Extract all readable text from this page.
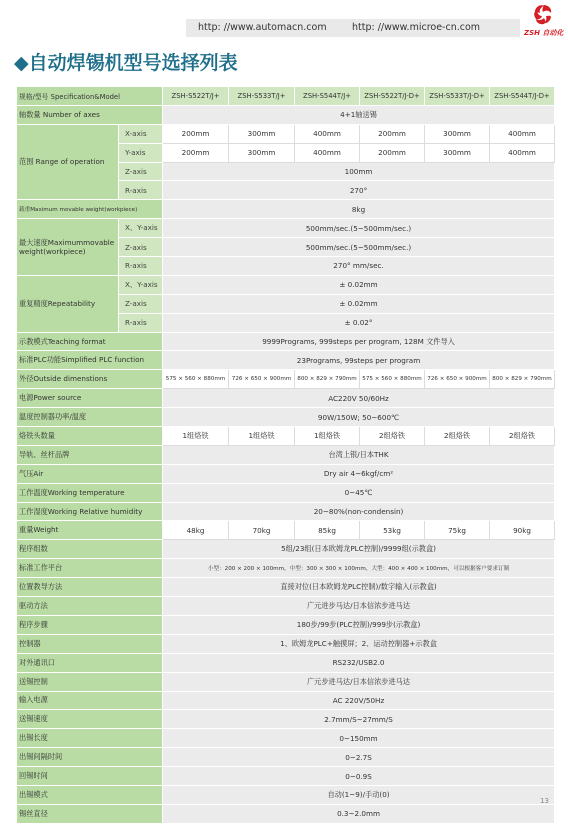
http: //www.automacn.com	http: //www.microe-cn.com	ZSH 自动化
◆自动焊锡机型号选择列表
规格/型号 Specification&Model		ZSH-S522T/J+	ZSH-S533T/J+	ZSH-S544T/J+	ZSH-S522T/J-D+	ZSH-S533T/J-D+	ZSH-S544T/J-D+
轴数量 Number of axes		4+1轴送锡					
范围 Range of operation	X-axis	200mm	300mm	400mm	200mm	300mm	400mm
	Y-axis	200mm	300mm	400mm	200mm	300mm	400mm
	Z-axis	100mm					
	R-axis	270°					
载重Maximum movable weight(workpiece)		8kg					
最大速度Maximummovable weight(workpiece)	X、Y-axis	500mm/sec.(5~500mm/sec.)					
	Z-axis	500mm/sec.(5~500mm/sec.)					
	R-axis	270° mm/sec.					
重复精度Repeatability	X、Y-axis	± 0.02mm					
	Z-axis	± 0.02mm					
	R-axis	± 0.02°					
示教模式Teaching format		9999Programs, 999steps per program, 128M 文件导入					
标准PLC功能Simplified PLC function		23Programs, 99steps per program					
外径Outside dimenstions		575 × 560 × 880mm	726 × 650 × 900mm	800 × 829 × 790mm	575 × 560 × 880mm	726 × 650 × 900mm	800 × 829 × 790mm
电源Power source		AC220V 50/60Hz					
温度控制器功率/温度		90W/150W; 50~600℃					
烙铁头数量		1组烙铁	1组烙铁	1组烙铁	2组烙铁	2组烙铁	2组烙铁
导轨、丝杆品牌		台湾上银/日本THK					
气压Air		Dry air 4~6kgf/cm²					
工作温度Working temperature		0~45℃					
工作湿度Working Relative humidity		20~80%(non-condensin)					
重量Weight		48kg	70kg	85kg	53kg	75kg	90kg
程序组数		5组/23组(日本欧姆龙PLC控制)/9999组(示教盒)					
标准工作平台		小型：200 × 200 × 100mm，中型：300 × 300 × 100mm，大型：400 × 400 × 100mm，可以根据客户要求订制					
位置教导方法		直接对位(日本欧姆龙PLC控制)/数字输入(示教盒)					
驱动方法		广元进步马达/日本信浓步进马达					
程序步骤		180步/99步(PLC控制)/999步(示教盒)					
控制器		1、欧姆龙PLC+触摸屏；2、运动控制器+示教盒					
对外通讯口		RS232/USB2.0					
送锡控制		广元步进马达/日本信浓步进马达					
输入电源		AC 220V/50Hz					
送锡速度		2.7mm/S~27mm/S					
出锡长度		0~150mm					
出锡间隔时间		0~2.7S					
回锡时间		0~0.9S					
出锡模式		自动(1~9)/手动(0)					
锡丝直径		0.3~2.0mm					
13
